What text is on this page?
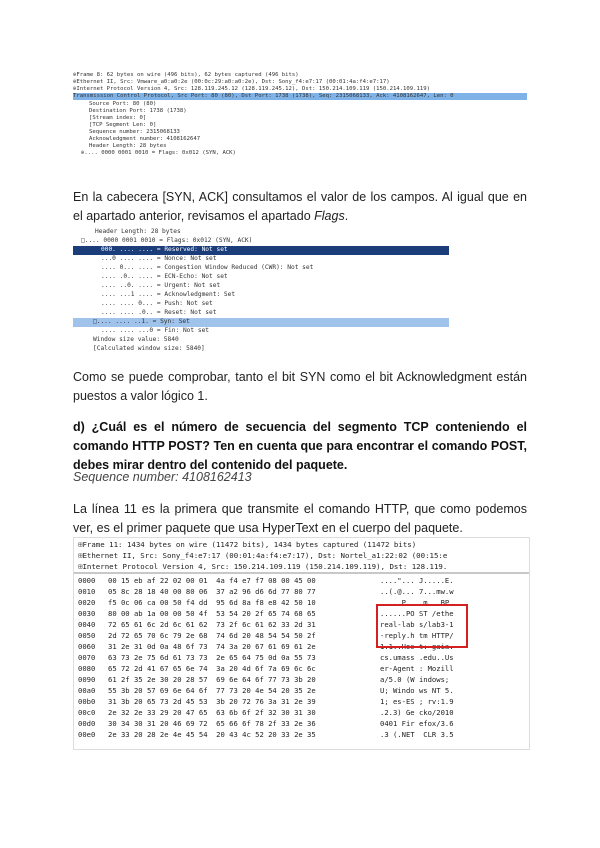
⊕ Frame 8: 62 bytes on wire (496 bits), 62 bytes captured (496 bits)
⊕ Ethernet II, Src: Vmware_a0:a0:2e (00:0c:29:a0:a0:2e), Dst: Sony_f4:e7:17 (00:01:4a:f4:e7:17)
⊕ Internet Protocol Version 4, Src: 128.119.245.12 (128.119.245.12), Dst: 150.214.109.119 (150.214.109.119)
Transmission Control Protocol, Src Port: 80 (80), Dst Port: 1738 (1738), Seq: 2315068133, Ack: 4108162647, Len: 0
Source Port: 80 (80)
Destination Port: 1738 (1738)
[Stream index: 0]
[TCP Segment Len: 0]
Sequence number: 2315068133
Acknowledgment number: 4108162647
Header Length: 28 bytes
⊕ .... 0000 0001 0010 = Flags: 0x012 (SYN, ACK)
En la cabecera [SYN, ACK] consultamos el valor de los campos. Al igual que en el apartado anterior, revisamos el apartado Flags.
Header Length: 28 bytes
□ .... 0000 0001 0010 = Flags: 0x012 (SYN, ACK)
000. .... .... = Reserved: Not set
...0 .... .... = Nonce: Not set
.... 0... .... = Congestion Window Reduced (CWR): Not set
.... .0.. .... = ECN-Echo: Not set
.... ..0. .... = Urgent: Not set
.... ...1 .... = Acknowledgment: Set
.... .... 0... = Push: Not set
.... .... .0.. = Reset: Not set
□ .... .... ..1. = Syn: Set
.... .... ...0 = Fin: Not set
Window size value: 5840
[Calculated window size: 5840]
Como se puede comprobar, tanto el bit SYN como el bit Acknowledgment están puestos a valor lógico 1.
d) ¿Cuál es el número de secuencia del segmento TCP conteniendo el comando HTTP POST? Ten en cuenta que para encontrar el comando POST, debes mirar dentro del contenido del paquete.
Sequence number: 4108162413
La línea 11 es la primera que transmite el comando HTTP, que como podemos ver, es el primer paquete que usa HyperText en el cuerpo del paquete.
⊞ Frame 11: 1434 bytes on wire (11472 bits), 1434 bytes captured (11472 bits)
⊞ Ethernet II, Src: Sony_f4:e7:17 (00:01:4a:f4:e7:17), Dst: Nortel_a1:22:02 (00:15:e
⊞ Internet Protocol Version 4, Src: 150.214.109.119 (150.214.109.119), Dst: 128.119.
0000	00 15 eb af 22 02 00 01  4a f4 e7 f7 08 00 45 00	...."... J.....E.
0010	05 8c 28 18 40 00 80 06  37 a2 96 d6 6d 77 80 77	..(.@... 7...mw.w
0020	f5 0c 06 ca 00 50 f4 dd  95 6d 8a f8 e8 42 50 10	.....P.. .m...BP.
0030	80 00 ab 1a 00 00 50 4f  53 54 20 2f 65 74 68 65	......PO ST /ethe
0040	72 65 61 6c 2d 6c 61 62  73 2f 6c 61 62 33 2d 31	real-lab s/lab3-1
0050	2d 72 65 70 6c 79 2e 68  74 6d 20 48 54 54 50 2f	-reply.h tm HTTP/
0060	31 2e 31 0d 0a 48 6f 73  74 3a 20 67 61 69 61 2e	1.1..Hos t: gaia.
0070	63 73 2e 75 6d 61 73 73  2e 65 64 75 0d 0a 55 73	cs.umass .edu..Us
0080	65 72 2d 41 67 65 6e 74  3a 20 4d 6f 7a 69 6c 6c	er-Agent : Mozill
0090	61 2f 35 2e 30 20 28 57  69 6e 64 6f 77 73 3b 20	a/5.0 (W indows;
00a0	55 3b 20 57 69 6e 64 6f  77 73 20 4e 54 20 35 2e	U; Windo ws NT 5.
00b0	31 3b 20 65 73 2d 45 53  3b 20 72 76 3a 31 2e 39	1; es-ES ; rv:1.9
00c0	2e 32 2e 33 29 20 47 65  63 6b 6f 2f 32 30 31 30	.2.3) Ge cko/2010
00d0	30 34 30 31 20 46 69 72  65 66 6f 78 2f 33 2e 36	0401 Fir efox/3.6
00e0	2e 33 20 28 2e 4e 45 54  20 43 4c 52 20 33 2e 35	.3 (.NET  CLR 3.5
